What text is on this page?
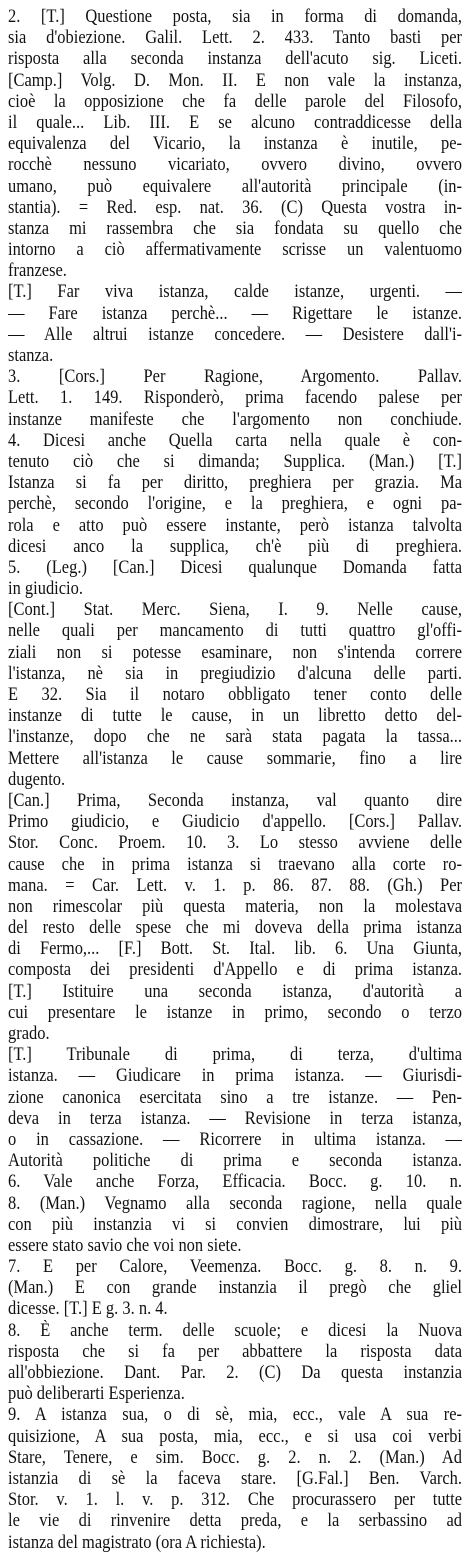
2. [T.] Questione posta, sia in forma di domanda,
sia d'obiezione. Galil. Lett. 2. 433. Tanto basti per
risposta alla seconda instanza dell'acuto sig. Liceti.
[Camp.] Volg. D. Mon. II. E non vale la instanza,
cioè la opposizione che fa delle parole del Filosofo,
il quale... Lib. III. E se alcuno contraddicesse della
equivalenza del Vicario, la instanza è inutile, pe-
rocchè nessuno vicariato, ovvero divino, ovvero
umano, può equivalere all'autorità principale (in-
stantia). = Red. esp. nat. 36. (C) Questa vostra in-
stanza mi rassembra che sia fondata su quello che
intorno a ciò affermativamente scrisse un valentuomo
franzese.
[T.] Far viva istanza, calde istanze, urgenti. —
— Fare istanza perchè... — Rigettare le istanze.
— Alle altrui istanze concedere. — Desistere dall'i-
stanza.
3. [Cors.] Per Ragione, Argomento. Pallav.
Lett. 1. 149. Risponderò, prima facendo palese per
instanze manifeste che l'argomento non conchiude.
4. Dicesi anche Quella carta nella quale è con-
tenuto ciò che si dimanda; Supplica. (Man.) [T.]
Istanza si fa per diritto, preghiera per grazia. Ma
perchè, secondo l'origine, e la preghiera, e ogni pa-
rola e atto può essere instante, però istanza talvolta
dicesi anco la supplica, ch'è più di preghiera.
5. (Leg.) [Can.] Dicesi qualunque Domanda fatta
in giudicio.
[Cont.] Stat. Merc. Siena, I. 9. Nelle cause,
nelle quali per mancamento di tutti quattro gl'offi-
ziali non si potesse esaminare, non s'intenda correre
l'istanza, nè sia in pregiudizio d'alcuna delle parti.
E 32. Sia il notaro obbligato tener conto delle
instanze di tutte le cause, in un libretto detto del-
l'instanze, dopo che ne sarà stata pagata la tassa...
Mettere all'istanza le cause sommarie, fino a lire
dugento.
[Can.] Prima, Seconda instanza, val quanto dire
Primo giudicio, e Giudicio d'appello. [Cors.] Pallav.
Stor. Conc. Proem. 10. 3. Lo stesso avviene delle
cause che in prima istanza si traevano alla corte ro-
mana. = Car. Lett. v. 1. p. 86. 87. 88. (Gh.) Per
non rimescolar più questa materia, non la molestava
del resto delle spese che mi doveva della prima istanza
di Fermo,... [F.] Bott. St. Ital. lib. 6. Una Giunta,
composta dei presidenti d'Appello e di prima istanza.
[T.] Istituire una seconda istanza, d'autorità a
cui presentare le istanze in primo, secondo o terzo
grado.
[T.] Tribunale di prima, di terza, d'ultima
istanza. — Giudicare in prima istanza. — Giurisdi-
zione canonica esercitata sino a tre istanze. — Pen-
deva in terza istanza. — Revisione in terza istanza,
o in cassazione. — Ricorrere in ultima istanza. —
Autorità politiche di prima e seconda istanza.
6. Vale anche Forza, Efficacia. Bocc. g. 10. n.
8. (Man.) Vegnamo alla seconda ragione, nella quale
con più instanzia vi si convien dimostrare, lui più
essere stato savio che voi non siete.
7. E per Calore, Veemenza. Bocc. g. 8. n. 9.
(Man.) E con grande instanzia il pregò che gliel
dicesse. [T.] E g. 3. n. 4.
8. È anche term. delle scuole; e dicesi la Nuova
risposta che si fa per abbattere la risposta data
all'obbiezione. Dant. Par. 2. (C) Da questa instanzia
può deliberarti Esperienza.
9. A istanza sua, o di sè, mia, ecc., vale A sua re-
quisizione, A sua posta, mia, ecc., e si usa coi verbi
Stare, Tenere, e sim. Bocc. g. 2. n. 2. (Man.) Ad
istanzia di sè la faceva stare. [G.Fal.] Ben. Varch.
Stor. v. 1. l. v. p. 312. Che procurassero per tutte
le vie di rinvenire detta preda, e la serbassino ad
istanza del magistrato (ora A richiesta).
